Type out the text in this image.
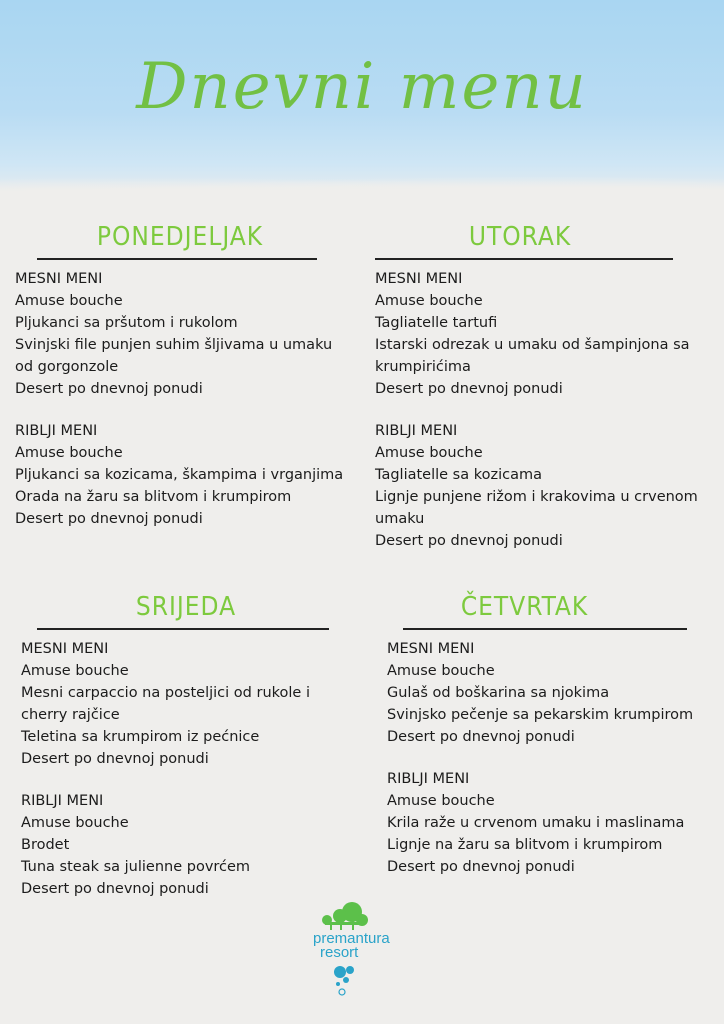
Dnevni menu
PONEDJELJAK
MESNI MENI
Amuse bouche
Pljukanci sa pršutom i rukolom
Svinjski file punjen suhim šljivama u umaku od gorgonzole
Desert po dnevnoj ponudi
RIBLJI MENI
Amuse bouche
Pljukanci sa kozicama, škampima i vrganjima
Orada na žaru sa blitvom i krumpirom
Desert po dnevnoj ponudi
UTORAK
MESNI MENI
Amuse bouche
Tagliatelle tartufi
Istarski odrezak u umaku od šampinjona sa krumpirićima
Desert po dnevnoj ponudi
RIBLJI MENI
Amuse bouche
Tagliatelle sa kozicama
Lignje punjene rižom i krakovima u crvenom umaku
Desert po dnevnoj ponudi
SRIJEDA
MESNI MENI
Amuse bouche
Mesni carpaccio na posteljici od rukole i cherry rajčice
Teletina sa krumpirom iz pećnice
Desert po dnevnoj ponudi
RIBLJI MENI
Amuse bouche
Brodet
Tuna steak sa julienne povrćem
Desert po dnevnoj ponudi
ČETVRTAK
MESNI MENI
Amuse bouche
Gulaš od boškarina sa njokima
Svinjsko pečenje sa pekarskim krumpirom
Desert po dnevnoj ponudi
RIBLJI MENI
Amuse bouche
Krila raže u crvenom umaku i maslinama
Lignje na žaru sa blitvom i krumpirom
Desert po dnevnoj ponudi
premantura
resort
